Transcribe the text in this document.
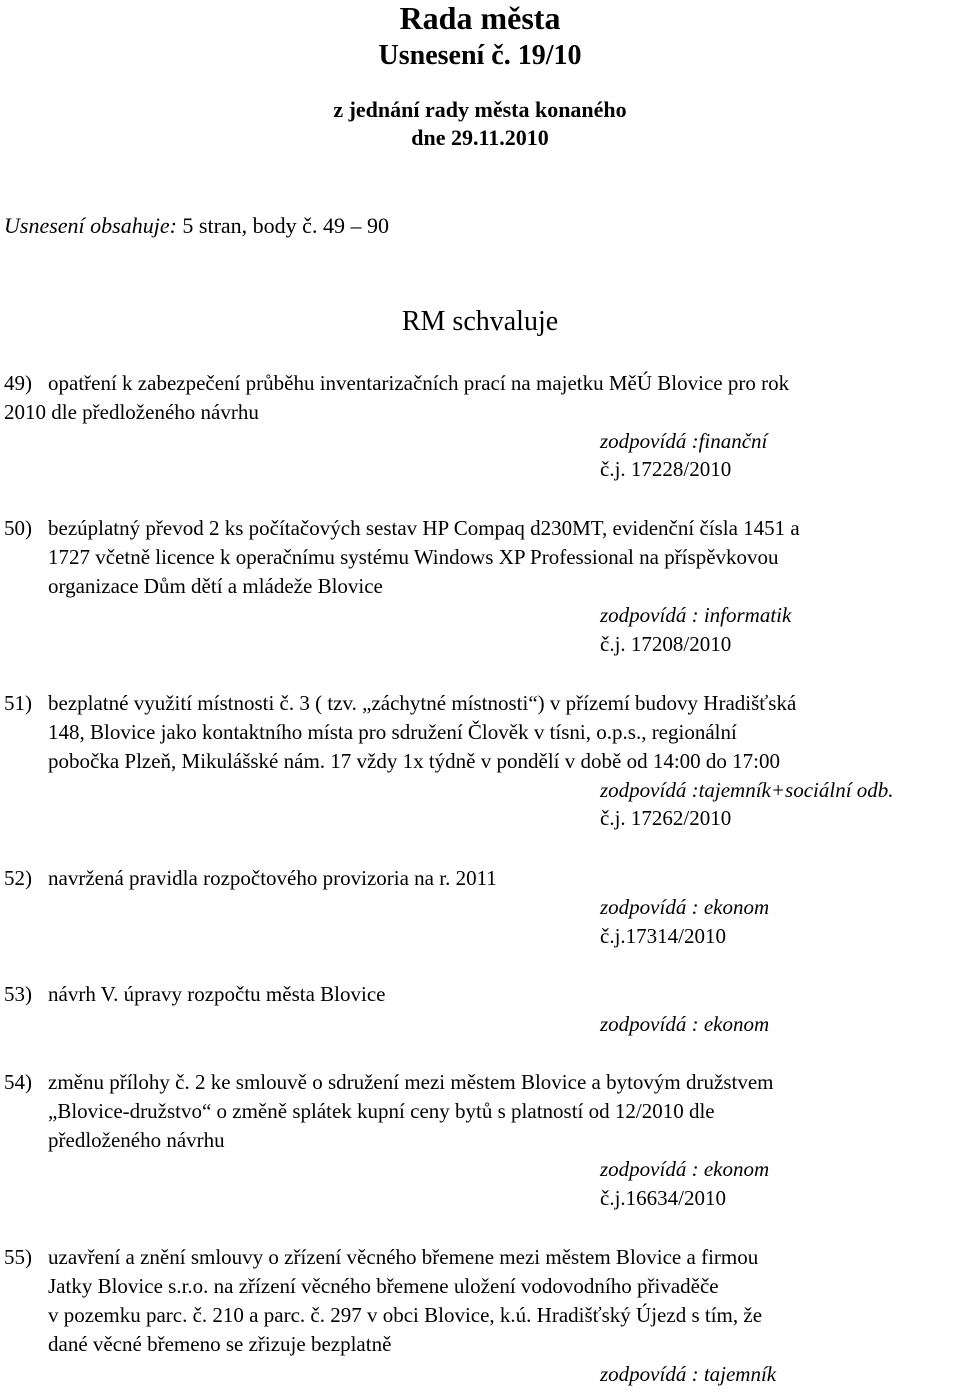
Rada města
Usnesení č. 19/10
z jednání rady města konaného
dne 29.11.2010
Usnesení obsahuje: 5 stran, body č. 49 – 90
RM schvaluje
49) opatření k zabezpečení průběhu inventarizačních prací na majetku MěÚ Blovice pro rok
2010 dle předloženého návrhu
zodpovídá :finanční
č.j. 17228/2010
50) bezúplatný převod 2 ks počítačových sestav HP Compaq d230MT, evidenční čísla 1451 a
1727 včetně licence k operačnímu systému Windows XP Professional na příspěvkovou
organizace Dům dětí a mládeže Blovice
zodpovídá : informatik
č.j. 17208/2010
51) bezplatné využití místnosti č. 3 ( tzv. „záchytné místnosti“) v přízemí budovy Hradišťská
148, Blovice jako kontaktního místa pro sdružení Člověk v tísni, o.p.s., regionální
pobočka Plzeň, Mikulášské nám. 17 vždy 1x týdně v pondělí v době od 14:00 do 17:00
zodpovídá :tajemník+sociální odb.
č.j. 17262/2010
52) navržená pravidla rozpočtového provizoria na r. 2011
zodpovídá : ekonom
č.j.17314/2010
53) návrh V. úpravy rozpočtu města Blovice
zodpovídá : ekonom
54) změnu přílohy č. 2 ke smlouvě o sdružení mezi městem Blovice a bytovým družstvem
„Blovice-družstvo“ o změně splátek kupní ceny bytů s platností od 12/2010 dle
předloženého návrhu
zodpovídá : ekonom
č.j.16634/2010
55) uzavření a znění smlouvy o zřízení věcného břemene mezi městem Blovice a firmou
Jatky Blovice s.r.o. na zřízení věcného břemene uložení vodovodního přivaděče
v pozemku parc. č. 210 a parc. č. 297 v obci Blovice, k.ú. Hradišťský Újezd s tím, že
dané věcné břemeno se zřizuje bezplatně
zodpovídá : tajemník
